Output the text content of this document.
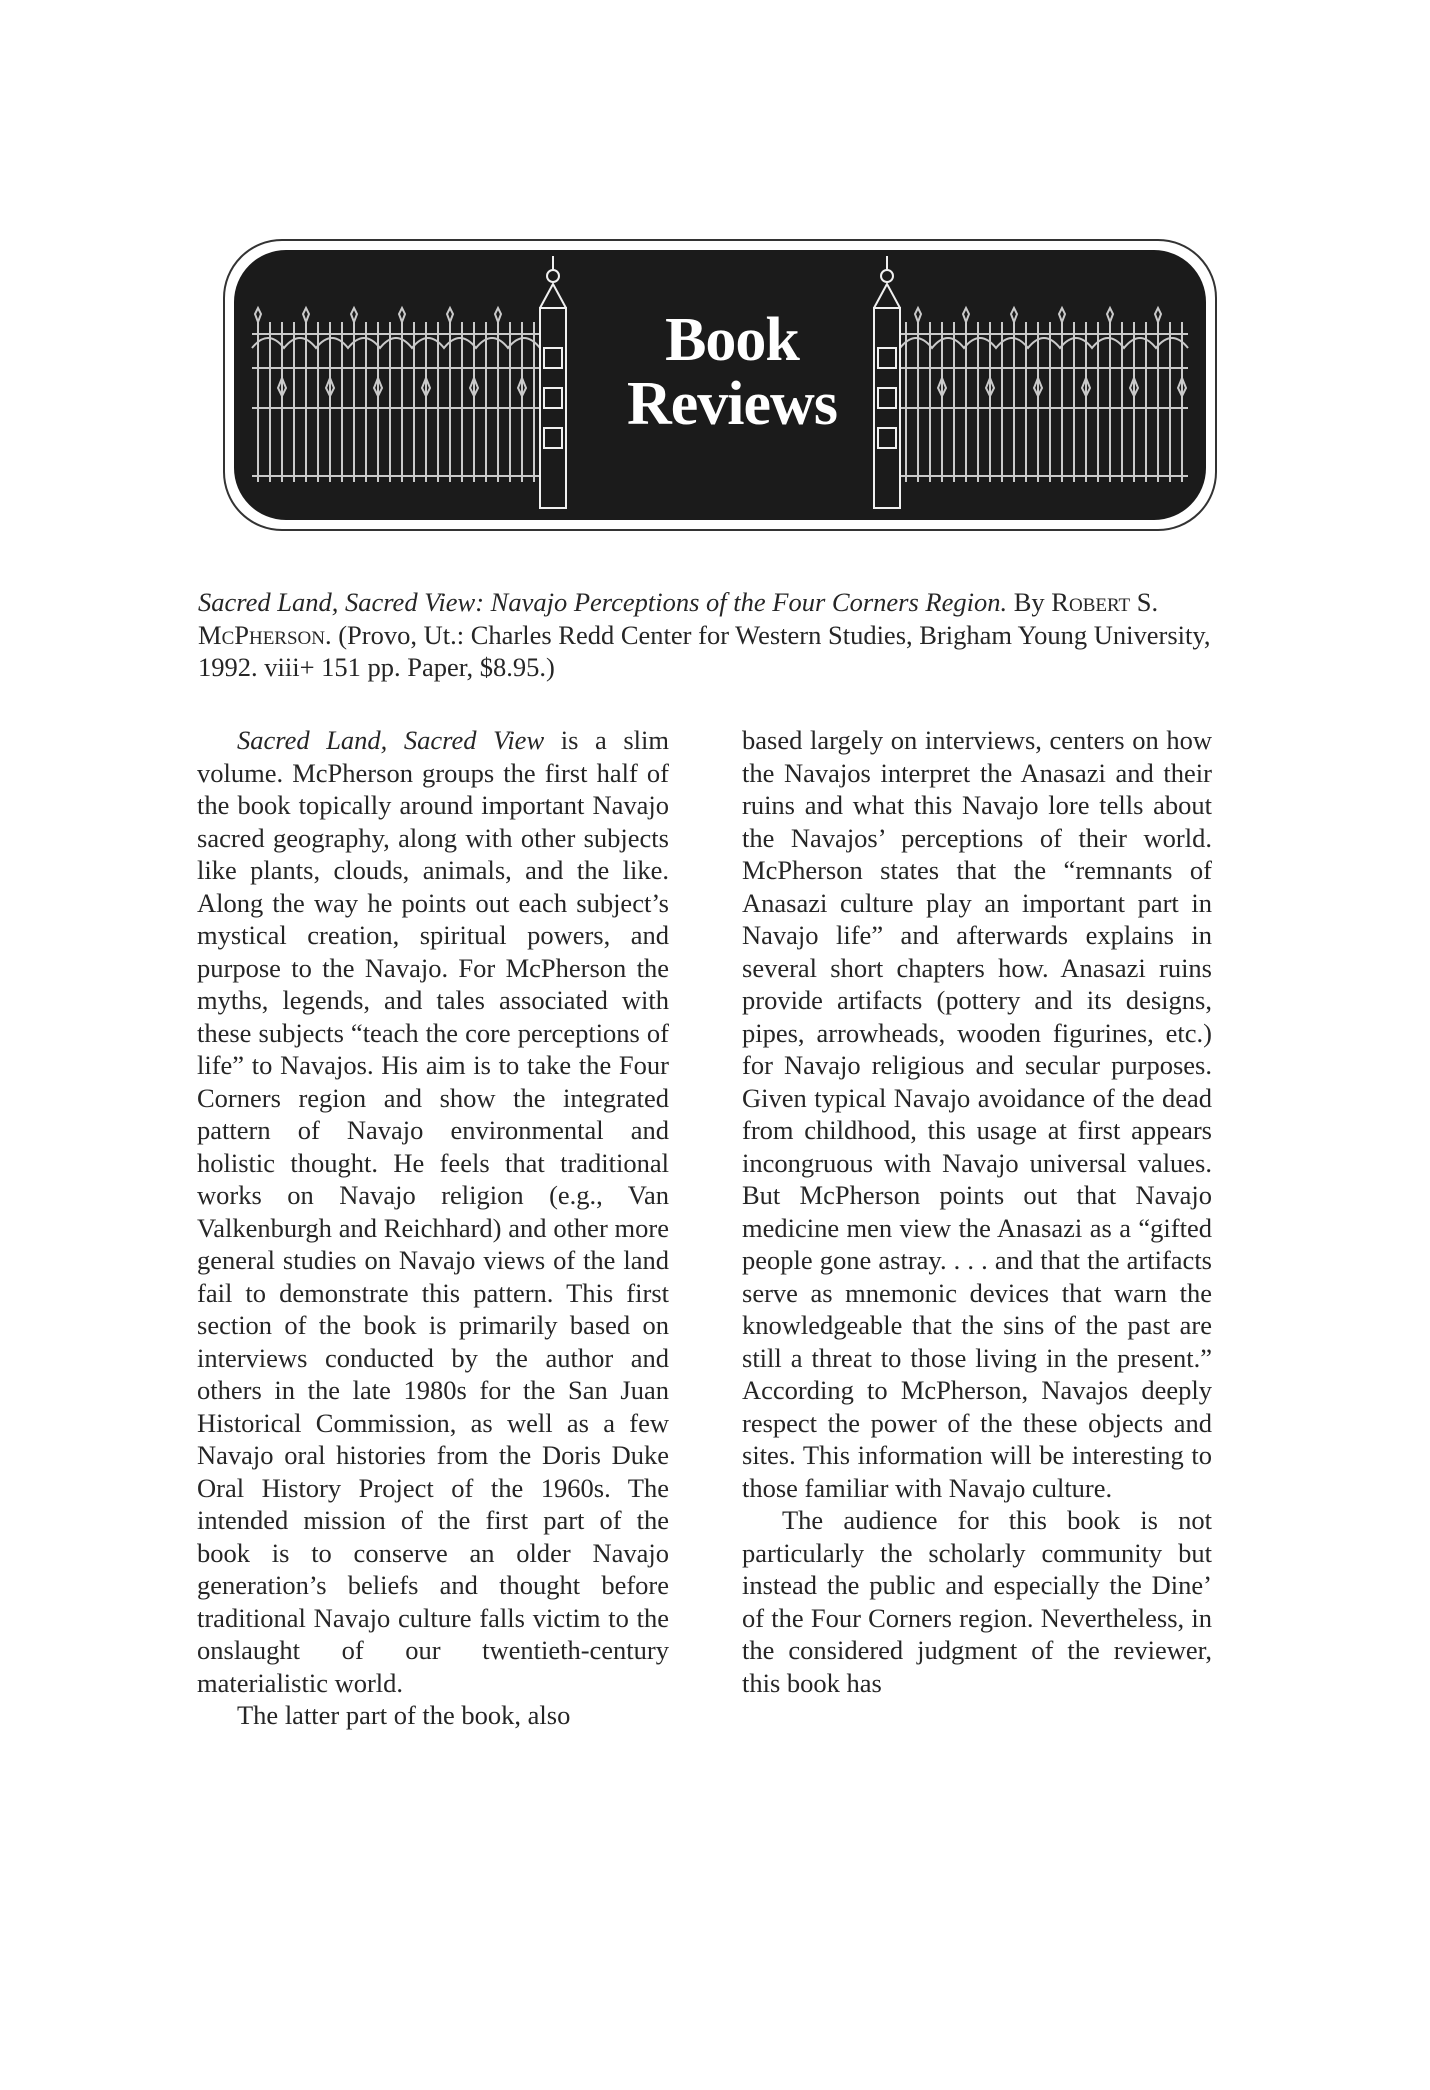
Book
Reviews
Sacred Land, Sacred View: Navajo Perceptions of the Four Corners Region. By Robert S. McPherson. (Provo, Ut.: Charles Redd Center for Western Studies, Brigham Young University, 1992. viii+ 151 pp. Paper, $8.95.)

Sacred Land, Sacred View is a slim volume. McPherson groups the first half of the book topically around important Navajo sacred geography, along with other subjects like plants, clouds, animals, and the like. Along the way he points out each subject’s mystical creation, spiritual powers, and purpose to the Navajo. For McPherson the myths, legends, and tales associated with these subjects “teach the core perceptions of life” to Navajos. His aim is to take the Four Corners region and show the integrated pattern of Navajo environmental and holistic thought. He feels that traditional works on Navajo religion (e.g., Van Valkenburgh and Reichhard) and other more general studies on Navajo views of the land fail to demonstrate this pattern. This first section of the book is primarily based on interviews conducted by the author and others in the late 1980s for the San Juan Historical Commission, as well as a few Navajo oral histories from the Doris Duke Oral History Project of the 1960s. The intended mission of the first part of the book is to conserve an older Navajo generation’s beliefs and thought before traditional Navajo culture falls victim to the onslaught of our twentieth-century materialistic world.

The latter part of the book, also

based largely on interviews, centers on how the Navajos interpret the Anasazi and their ruins and what this Navajo lore tells about the Navajos’ perceptions of their world. McPherson states that the “remnants of Anasazi culture play an important part in Navajo life” and afterwards explains in several short chapters how. Anasazi ruins provide artifacts (pottery and its designs, pipes, arrowheads, wooden figurines, etc.) for Navajo religious and secular purposes. Given typical Navajo avoidance of the dead from childhood, this usage at first appears incongruous with Navajo universal values. But McPherson points out that Navajo medicine men view the Anasazi as a “gifted people gone astray. . . . and that the artifacts serve as mnemonic devices that warn the knowledgeable that the sins of the past are still a threat to those living in the present.” According to McPherson, Navajos deeply respect the power of the these objects and sites. This information will be interesting to those familiar with Navajo culture.

The audience for this book is not particularly the scholarly community but instead the public and especially the Dine’ of the Four Corners region. Nevertheless, in the considered judgment of the reviewer, this book has
